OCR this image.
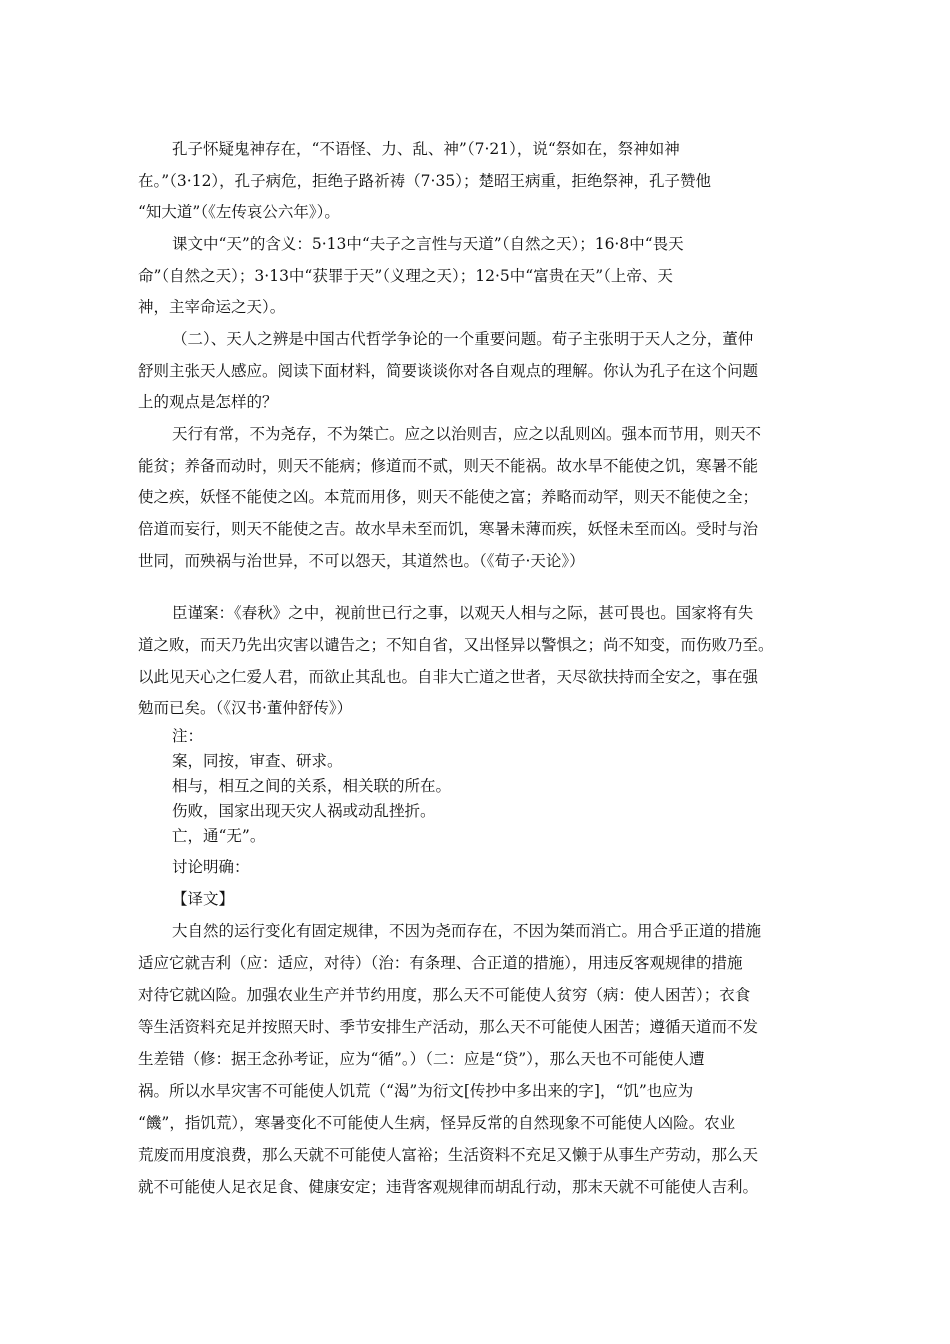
孔子怀疑鬼神存在，“不语怪、力、乱、神”（7·21），说“祭如在，祭神如神
在。”（3·12），孔子病危，拒绝子路祈祷（7·35）；楚昭王病重，拒绝祭神，孔子赞他
“知大道”（《左传哀公六年》）。
课文中“天”的含义：5·13中“夫子之言性与天道”（自然之天）；16·8中“畏天
命”（自然之天）；3·13中“获罪于天”（义理之天）；12·5中“富贵在天”（上帝、天
神，主宰命运之天）。
（二）、天人之辨是中国古代哲学争论的一个重要问题。荀子主张明于天人之分，董仲
舒则主张天人感应。阅读下面材料，简要谈谈你对各自观点的理解。你认为孔子在这个问题
上的观点是怎样的？
天行有常，不为尧存，不为桀亡。应之以治则吉，应之以乱则凶。强本而节用，则天不
能贫；养备而动时，则天不能病；修道而不贰，则天不能祸。故水旱不能使之饥，寒暑不能
使之疾，妖怪不能使之凶。本荒而用侈，则天不能使之富；养略而动罕，则天不能使之全；
倍道而妄行，则天不能使之吉。故水旱未至而饥，寒暑未薄而疾，妖怪未至而凶。受时与治
世同，而殃祸与治世异，不可以怨天，其道然也。（《荀子·天论》）
臣谨案：《春秋》之中，视前世已行之事，以观天人相与之际，甚可畏也。国家将有失
道之败，而天乃先出灾害以谴告之；不知自省，又出怪异以警惧之；尚不知变，而伤败乃至。
以此见天心之仁爱人君，而欲止其乱也。自非大亡道之世者，天尽欲扶持而全安之，事在强
勉而已矣。（《汉书·董仲舒传》）
注：
案，同按，审查、研求。
相与，相互之间的关系，相关联的所在。
伤败，国家出现天灾人祸或动乱挫折。
亡，通“无”。
讨论明确：
【译文】
大自然的运行变化有固定规律，不因为尧而存在，不因为桀而消亡。用合乎正道的措施
适应它就吉利（应：适应，对待）（治：有条理、合正道的措施），用违反客观规律的措施
对待它就凶险。加强农业生产并节约用度，那么天不可能使人贫穷（病：使人困苦）；衣食
等生活资料充足并按照天时、季节安排生产活动，那么天不可能使人困苦；遵循天道而不发
生差错（修：据王念孙考证，应为“循”。）（二：应是“贷”），那么天也不可能使人遭
祸。所以水旱灾害不可能使人饥荒（“渴”为衍文[传抄中多出来的字]，“饥”也应为
“饑”，指饥荒），寒暑变化不可能使人生病，怪异反常的自然现象不可能使人凶险。农业
荒废而用度浪费，那么天就不可能使人富裕；生活资料不充足又懒于从事生产劳动，那么天
就不可能使人足衣足食、健康安定；违背客观规律而胡乱行动，那末天就不可能使人吉利。
